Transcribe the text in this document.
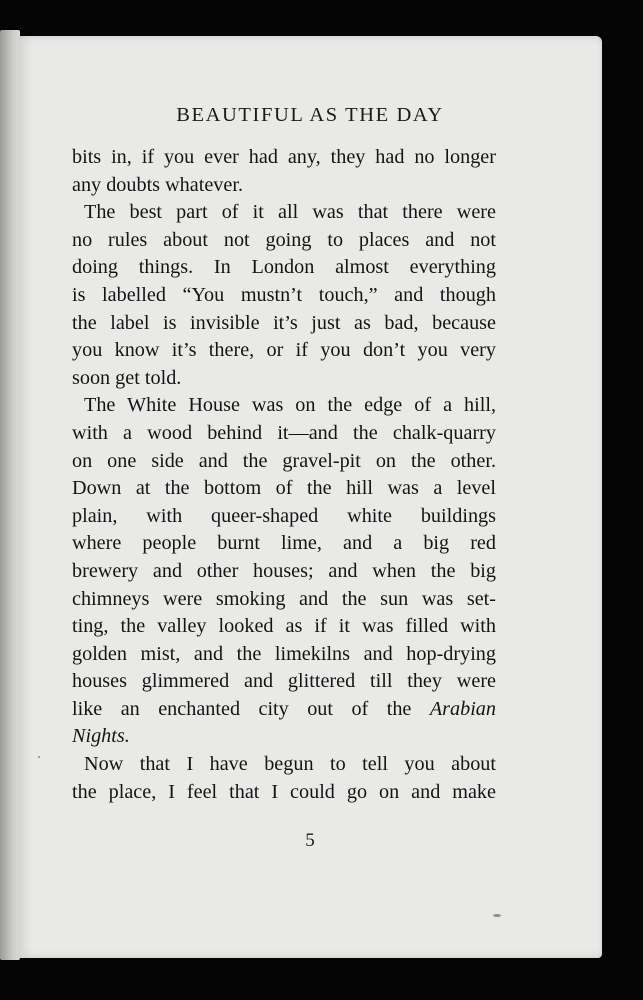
BEAUTIFUL AS THE DAY
bits in, if you ever had any, they had no longer
any doubts whatever.
The best part of it all was that there were
no rules about not going to places and not
doing things. In London almost everything
is labelled “You mustn’t touch,” and though
the label is invisible it’s just as bad, because
you know it’s there, or if you don’t you very
soon get told.
The White House was on the edge of a hill,
with a wood behind it—and the chalk-quarry
on one side and the gravel-pit on the other.
Down at the bottom of the hill was a level
plain, with queer-shaped white buildings
where people burnt lime, and a big red
brewery and other houses; and when the big
chimneys were smoking and the sun was set-
ting, the valley looked as if it was filled with
golden mist, and the limekilns and hop-drying
houses glimmered and glittered till they were
like an enchanted city out of the Arabian
Nights.
Now that I have begun to tell you about
the place, I feel that I could go on and make
5
